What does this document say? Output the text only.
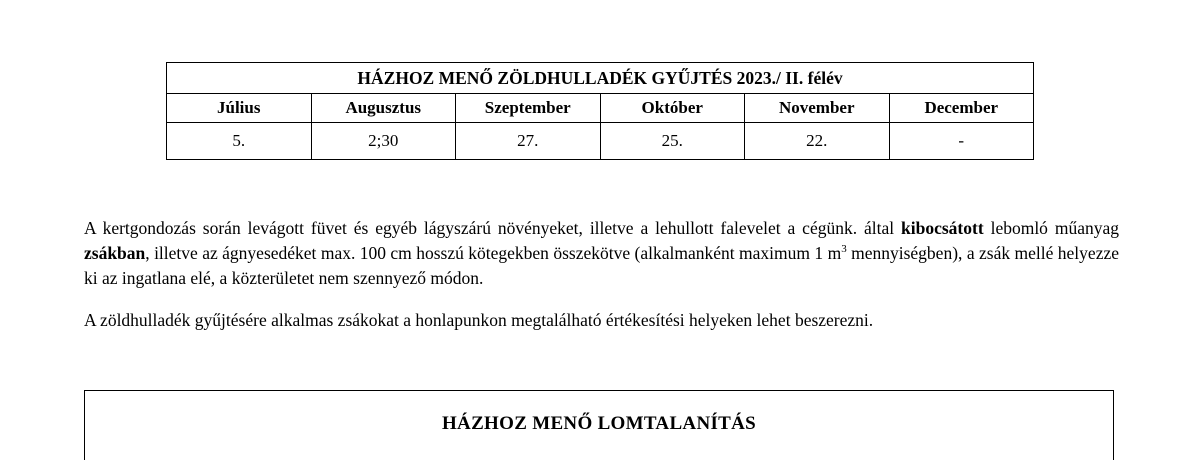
HÁZHOZ MENŐ ZÖLDHULLADÉK GYŰJTÉS 2023./ II. félév					
Július	Augusztus	Szeptember	Október	November	December
5.	2;30	27.	25.	22.	-

A kertgondozás során levágott füvet és egyéb lágyszárú növényeket, illetve a lehullott falevelet a cégünk. által kibocsátott lebomló műanyag zsákban, illetve az ágnyesedéket max. 100 cm hosszú kötegekben összekötve (alkalmanként maximum 1 $m^3$ mennyiségben), a zsák mellé helyezze ki az ingatlana elé, a közterületet nem szennyező módon.

A zöldhulladék gyűjtésére alkalmas zsákokat a honlapunkon megtalálható értékesítési helyeken lehet beszerezni.

HÁZHOZ MENŐ LOMTALANÍTÁS
